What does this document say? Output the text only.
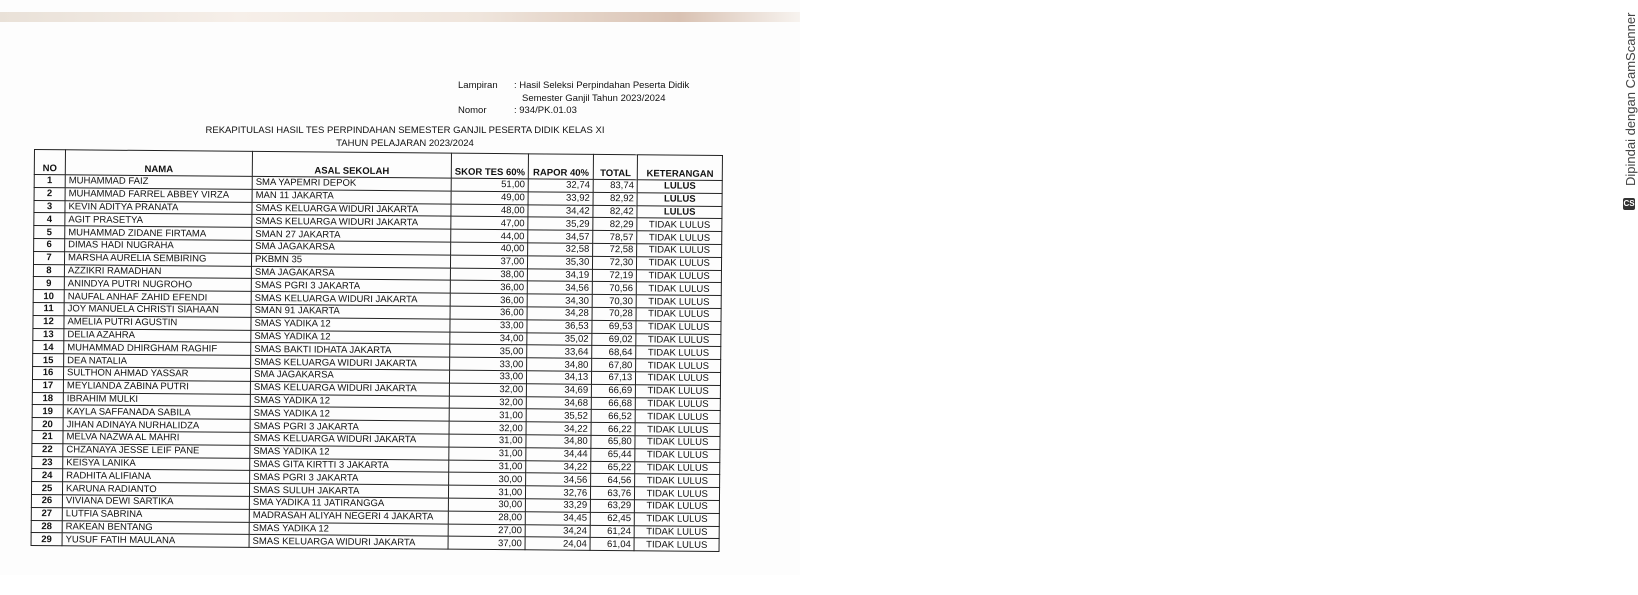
Lampiran	: Hasil Seleksi Perpindahan Peserta Didik
Semester Ganjil Tahun 2023/2024
Nomor	: 934/PK.01.03
REKAPITULASI HASIL TES PERPINDAHAN SEMESTER GANJIL PESERTA DIDIK KELAS XI
TAHUN PELAJARAN 2023/2024
NO	NAMA	ASAL SEKOLAH	SKOR TES 60%	RAPOR 40%	TOTAL	KETERANGAN
1	MUHAMMAD FAIZ	SMA YAPEMRI DEPOK	51,00	32,74	83,74	LULUS
2	MUHAMMAD FARREL ABBEY VIRZA	MAN 11 JAKARTA	49,00	33,92	82,92	LULUS
3	KEVIN ADITYA PRANATA	SMAS KELUARGA WIDURI JAKARTA	48,00	34,42	82,42	LULUS
4	AGIT PRASETYA	SMAS KELUARGA WIDURI JAKARTA	47,00	35,29	82,29	TIDAK LULUS
5	MUHAMMAD ZIDANE FIRTAMA	SMAN 27 JAKARTA	44,00	34,57	78,57	TIDAK LULUS
6	DIMAS HADI NUGRAHA	SMA JAGAKARSA	40,00	32,58	72,58	TIDAK LULUS
7	MARSHA AURELIA SEMBIRING	PKBMN 35	37,00	35,30	72,30	TIDAK LULUS
8	AZZIKRI RAMADHAN	SMA JAGAKARSA	38,00	34,19	72,19	TIDAK LULUS
9	ANINDYA PUTRI NUGROHO	SMAS PGRI 3 JAKARTA	36,00	34,56	70,56	TIDAK LULUS
10	NAUFAL ANHAF ZAHID EFENDI	SMAS KELUARGA WIDURI JAKARTA	36,00	34,30	70,30	TIDAK LULUS
11	JOY MANUELA CHRISTI SIAHAAN	SMAN 91 JAKARTA	36,00	34,28	70,28	TIDAK LULUS
12	AMELIA PUTRI AGUSTIN	SMAS YADIKA 12	33,00	36,53	69,53	TIDAK LULUS
13	DELIA AZAHRA	SMAS YADIKA 12	34,00	35,02	69,02	TIDAK LULUS
14	MUHAMMAD DHIRGHAM RAGHIF	SMAS BAKTI IDHATA JAKARTA	35,00	33,64	68,64	TIDAK LULUS
15	DEA NATALIA	SMAS KELUARGA WIDURI JAKARTA	33,00	34,80	67,80	TIDAK LULUS
16	SULTHON AHMAD YASSAR	SMA JAGAKARSA	33,00	34,13	67,13	TIDAK LULUS
17	MEYLIANDA ZABINA PUTRI	SMAS KELUARGA WIDURI JAKARTA	32,00	34,69	66,69	TIDAK LULUS
18	IBRAHIM MULKI	SMAS YADIKA 12	32,00	34,68	66,68	TIDAK LULUS
19	KAYLA SAFFANADA SABILA	SMAS YADIKA 12	31,00	35,52	66,52	TIDAK LULUS
20	JIHAN ADINAYA NURHALIDZA	SMAS PGRI 3 JAKARTA	32,00	34,22	66,22	TIDAK LULUS
21	MELVA NAZWA AL MAHRI	SMAS KELUARGA WIDURI JAKARTA	31,00	34,80	65,80	TIDAK LULUS
22	CHZANAYA JESSE LEIF PANE	SMAS YADIKA 12	31,00	34,44	65,44	TIDAK LULUS
23	KEISYA LANIKA	SMAS GITA KIRTTI 3 JAKARTA	31,00	34,22	65,22	TIDAK LULUS
24	RADHITA ALIFIANA	SMAS PGRI 3 JAKARTA	30,00	34,56	64,56	TIDAK LULUS
25	KARUNA RADIANTO	SMAS SULUH JAKARTA	31,00	32,76	63,76	TIDAK LULUS
26	VIVIANA DEWI SARTIKA	SMA YADIKA 11 JATIRANGGA	30,00	33,29	63,29	TIDAK LULUS
27	LUTFIA SABRINA	MADRASAH ALIYAH NEGERI 4 JAKARTA	28,00	34,45	62,45	TIDAK LULUS
28	RAKEAN BENTANG	SMAS YADIKA 12	27,00	34,24	61,24	TIDAK LULUS
29	YUSUF FATIH MAULANA	SMAS KELUARGA WIDURI JAKARTA	37,00	24,04	61,04	TIDAK LULUS
CS
Dipindai dengan CamScanner
